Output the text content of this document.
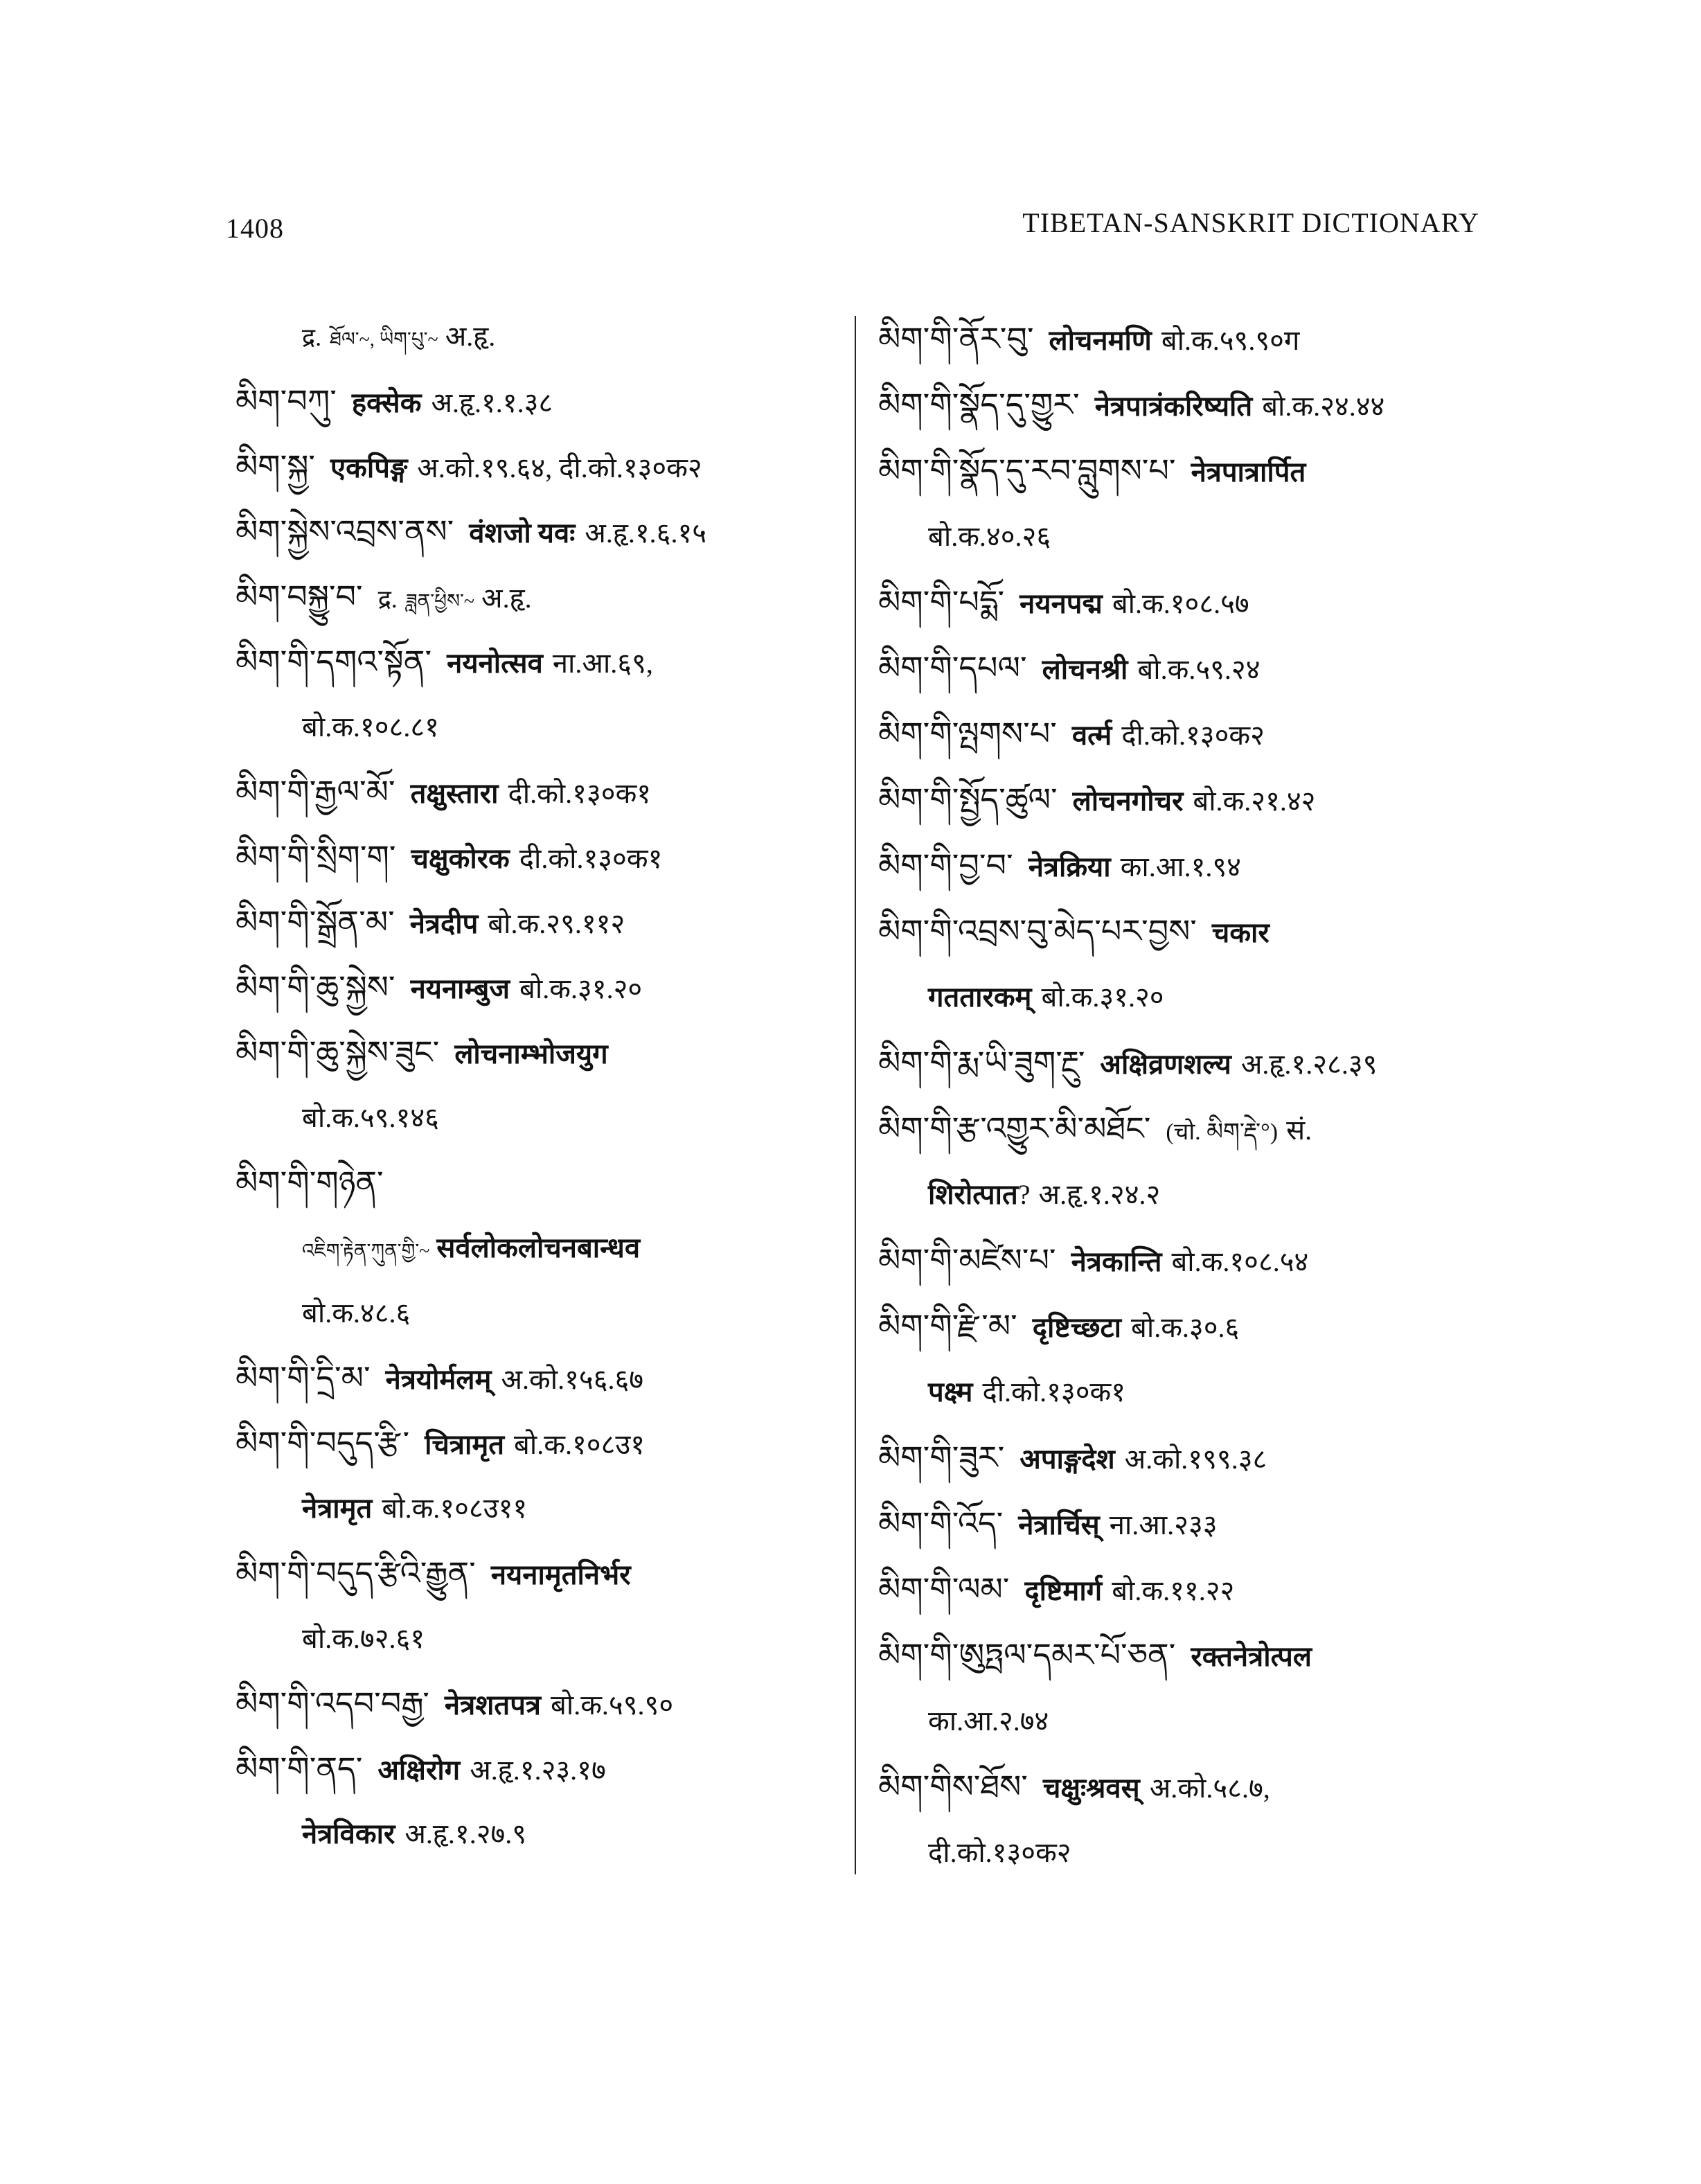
1408	TIBETAN-SANSKRIT DICTIONARY
द्र. ཐོལ་~, ཡིག་པུ་~ अ.हृ.
མིག་བཀུ་ हक्सेक अ.हृ.१.१.३८
མིག་སྐྱ་ एकपिङ्ग अ.को.१९.६४, दी.को.१३०क२
མིག་སྐྱེས་འབྲས་ནས་ वंशजो यवः अ.हृ.१.६.१५
མིག་བསྐྱུ་བ་ द्र. ཟླན་ཕྱིས་~ अ.हृ.
མིག་གི་དགའ་སྟོན་ नयनोत्सव ना.आ.६९,
बो.क.१०८.८१
མིག་གི་རྒྱལ་མོ་ तक्षुस्तारा दी.को.१३०क१
མིག་གི་སྲིག་ག་ चक्षुकोरक दी.को.१३०क१
མིག་གི་སྒྲོན་མ་ नेत्रदीप बो.क.२९.११२
མིག་གི་ཆུ་སྐྱེས་ नयनाम्बुज बो.क.३१.२०
མིག་གི་ཆུ་སྐྱེས་ཟུང་ लोचनाम्भोजयुग
बो.क.५९.१४६
མིག་གི་གཉེན་
འཇིག་རྟེན་ཀུན་གྱི་~ सर्वलोकलोचनबान्धव
बो.क.४८.६
མིག་གི་དྲི་མ་ नेत्रयोर्मलम् अ.को.१५६.६७
མིག་གི་བདུད་རྩི་ चित्रामृत बो.क.१०८उ१
नेत्रामृत बो.क.१०८उ११
མིག་གི་བདུད་རྩིའི་རྒྱུན་ नयनामृतनिर्भर
बो.क.७२.६१
མིག་གི་འདབ་བརྒྱ་ नेत्रशतपत्र बो.क.५९.९०
མིག་གི་ནད་ अक्षिरोग अ.हृ.१.२३.१७
नेत्रविकार अ.हृ.१.२७.९
མིག་གི་ནོར་བུ་ लोचनमणि बो.क.५९.९०ग
མིག་གི་སྣོད་དུ་གྱུར་ नेत्रपात्रंकरिष्यति बो.क.२४.४४
མིག་གི་སྣོད་དུ་རབ་བླུགས་པ་ नेत्रपात्रार्पित
बो.क.४०.२६
མིག་གི་པདྨོ་ नयनपद्म बो.क.१०८.५७
མིག་གི་དཔལ་ लोचनश्री बो.क.५९.२४
མིག་གི་ལྤགས་པ་ वर्त्म दी.को.१३०क२
མིག་གི་སྤྱོད་ཚུལ་ लोचनगोचर बो.क.२१.४२
མིག་གི་བྱ་བ་ नेत्रक्रिया का.आ.१.९४
མིག་གི་འབྲས་བུ་མེད་པར་བྱས་ चकार
गततारकम् बो.क.३१.२०
མིག་གི་རྨ་ཡི་ཟུག་རྔུ་ अक्षिव्रणशल्य अ.हृ.१.२८.३९
མིག་གི་རྩ་འགྱུར་མི་མཐོང་ (चो. མིག་རྡེ་°) सं.
शिरोत्पात? अ.हृ.१.२४.२
མིག་གི་མཛེས་པ་ नेत्रकान्ति बो.क.१०८.५४
མིག་གི་རྫི་མ་ दृष्टिच्छटा बो.क.३०.६
पक्ष्म दी.को.१३०क१
མིག་གི་ཟུར་ अपाङ्गदेश अ.को.१९९.३८
མིག་གི་འོད་ नेत्रार्चिस् ना.आ.२३३
མིག་གི་ལམ་ दृष्टिमार्ग बो.क.११.२२
མིག་གི་ཨུཏྤལ་དམར་པོ་ཅན་ रक्तनेत्रोत्पल
का.आ.२.७४
མིག་གིས་ཐོས་ चक्षुःश्रवस् अ.को.५८.७,
दी.को.१३०क२
